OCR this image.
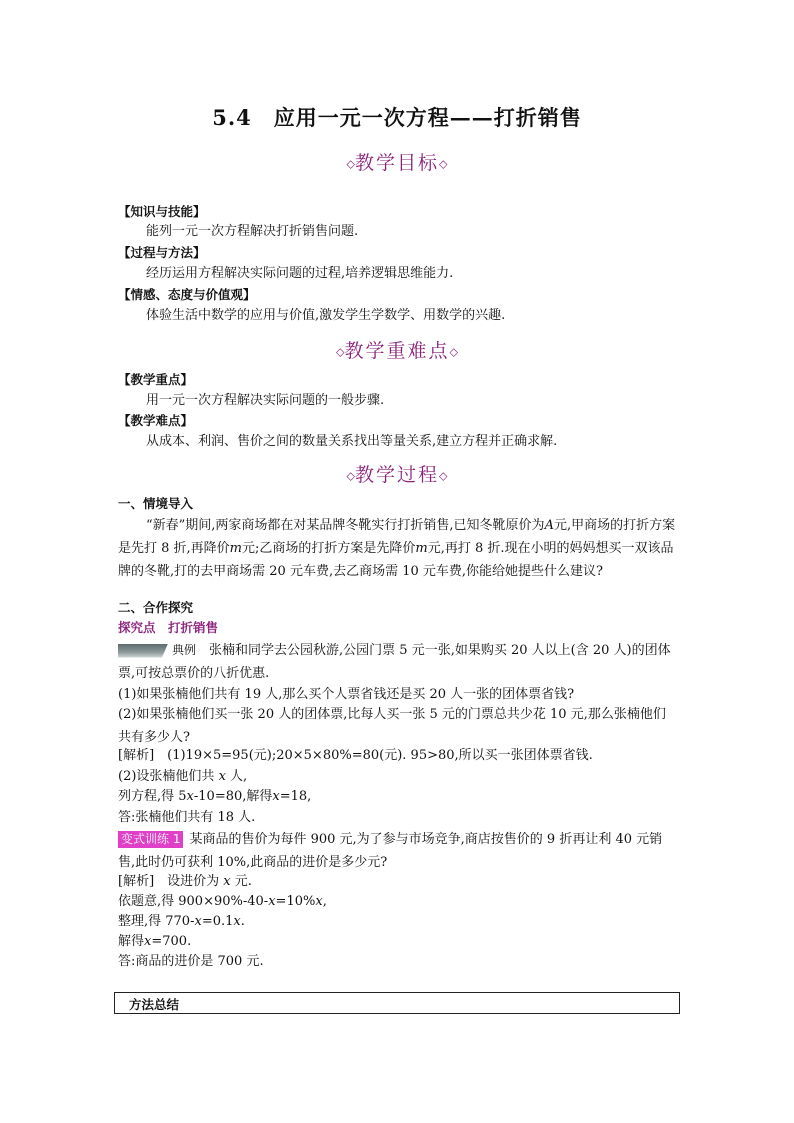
5.4　应用一元一次方程——打折销售
◇教学目标◇
【知识与技能】
能列一元一次方程解决打折销售问题.
【过程与方法】
经历运用方程解决实际问题的过程,培养逻辑思维能力.
【情感、态度与价值观】
体验生活中数学的应用与价值,激发学生学数学、用数学的兴趣.
【教学重点】
用一元一次方程解决实际问题的一般步骤.
【教学难点】
从成本、利润、售价之间的数量关系找出等量关系,建立方程并正确求解.
一、情境导入
“新春”期间,两家商场都在对某品牌冬靴实行打折销售,已知冬靴原价为A元,甲商场的打折方案是先打 8 折,再降价m元;乙商场的打折方案是先降价m元,再打 8 折.现在小明的妈妈想买一双该品牌的冬靴,打的去甲商场需 20 元车费,去乙商场需 10 元车费,你能给她提些什么建议?
二、合作探究
探究点　打折销售
典例　 张楠和同学去公园秋游,公园门票 5 元一张,如果购买 20 人以上(含 20 人)的团体票,可按总票价的八折优惠.
(1)如果张楠他们共有 19 人,那么买个人票省钱还是买 20 人一张的团体票省钱?
(2)如果张楠他们买一张 20 人的团体票,比每人买一张 5 元的门票总共少花 10 元,那么张楠他们共有多少人?
[解析]　(1)19×5=95(元);20×5×80%=80(元). 95>80,所以买一张团体票省钱.
(2)设张楠他们共 x 人,
列方程,得 5x-10=80,解得x=18,
答:张楠他们共有 18 人.
变式训练 1 某商品的售价为每件 900 元,为了参与市场竞争,商店按售价的 9 折再让利 40 元销售,此时仍可获利 10%,此商品的进价是多少元?
[解析]　设进价为 x 元.
依题意,得 900×90%-40-x=10%x,
整理,得 770-x=0.1x.
解得x=700.
答:商品的进价是 700 元.
◇教学重难点◇
◇教学过程◇
方法总结
